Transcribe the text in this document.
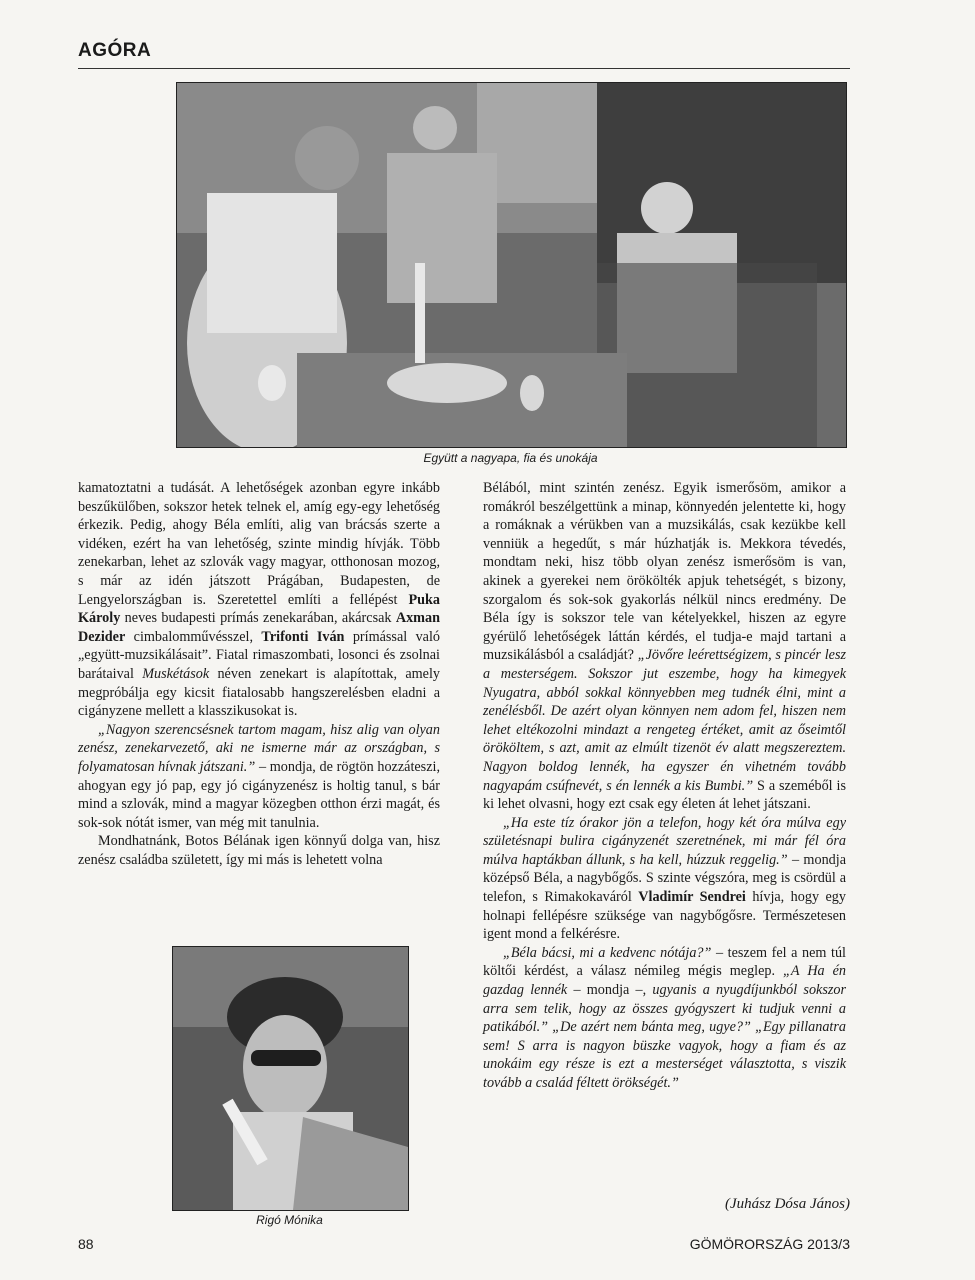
AGÓRA
Együtt a nagyapa, fia és unokája

kamatoztatni a tudását. A lehetőségek azonban egyre inkább beszűkülőben, sokszor hetek telnek el, amíg egy-egy lehetőség érkezik. Pedig, ahogy Béla említi, alig van brácsás szerte a vidéken, ezért ha van lehetőség, szinte mindig hívják. Több zenekarban, lehet az szlovák vagy magyar, otthonosan mozog, s már az idén játszott Prágában, Budapesten, de Lengyelországban is. Szeretettel említi a fellépést Puka Károly neves budapesti prímás zenekarában, akárcsak Axman Dezider cimbalomművésszel, Trifonti Iván prímással való „együtt-muzsikálásait”. Fiatal rimaszombati, losonci és zsolnai barátaival Muskétások néven zenekart is alapítottak, amely megpróbálja egy kicsit fiatalosabb hangszerelésben eladni a cigányzene mellett a klasszikusokat is.

„Nagyon szerencsésnek tartom magam, hisz alig van olyan zenész, zenekarvezető, aki ne ismerne már az országban, s folyamatosan hívnak játszani.” – mondja, de rögtön hozzáteszi, ahogyan egy jó pap, egy jó cigányzenész is holtig tanul, s bár mind a szlovák, mind a magyar közegben otthon érzi magát, és sok-sok nótát ismer, van még mit tanulnia.

Mondhatnánk, Botos Bélának igen könnyű dolga van, hisz zenész családba született, így mi más is lehetett volna

Rigó Mónika

Bélából, mint szintén zenész. Egyik ismerősöm, amikor a romákról beszélgettünk a minap, könnyedén jelentette ki, hogy a romáknak a vérükben van a muzsikálás, csak kezükbe kell venniük a hegedűt, s már húzhatják is. Mekkora tévedés, mondtam neki, hisz több olyan zenész ismerősöm is van, akinek a gyerekei nem örökölték apjuk tehetségét, s bizony, szorgalom és sok-sok gyakorlás nélkül nincs eredmény. De Béla így is sokszor tele van kételyekkel, hiszen az egyre gyérülő lehetőségek láttán kérdés, el tudja-e majd tartani a muzsikálásból a családját? „Jövőre leérettségizem, s pincér lesz a mesterségem. Sokszor jut eszembe, hogy ha kimegyek Nyugatra, abból sokkal könnyebben meg tudnék élni, mint a zenélésből. De azért olyan könnyen nem adom fel, hiszen nem lehet eltékozolni mindazt a rengeteg értéket, amit az őseimtől örököltem, s azt, amit az elmúlt tizenöt év alatt megszereztem. Nagyon boldog lennék, ha egyszer én vihetném tovább nagyapám csúfnevét, s én lennék a kis Bumbi.” S a szeméből is ki lehet olvasni, hogy ezt csak egy életen át lehet játszani.

„Ha este tíz órakor jön a telefon, hogy két óra múlva egy születésnapi bulira cigányzenét szeretnének, mi már fél óra múlva haptákban állunk, s ha kell, húzzuk reggelig.” – mondja középső Béla, a nagybőgős. S szinte végszóra, meg is csördül a telefon, s Rimakokaváról Vladimír Sendrei hívja, hogy egy holnapi fellépésre szüksége van nagybőgősre. Természetesen igent mond a felkérésre.

„Béla bácsi, mi a kedvenc nótája?” – teszem fel a nem túl költői kérdést, a válasz némileg mégis meglep. „A Ha én gazdag lennék – mondja –, ugyanis a nyugdíjunkból sokszor arra sem telik, hogy az összes gyógyszert ki tudjuk venni a patikából.” „De azért nem bánta meg, ugye?” „Egy pillanatra sem! S arra is nagyon büszke vagyok, hogy a fiam és az unokáim egy része is ezt a mesterséget választotta, s viszik tovább a család féltett örökségét.”

(Juhász Dósa János)
88	GÖMÖRORSZÁG 2013/3
